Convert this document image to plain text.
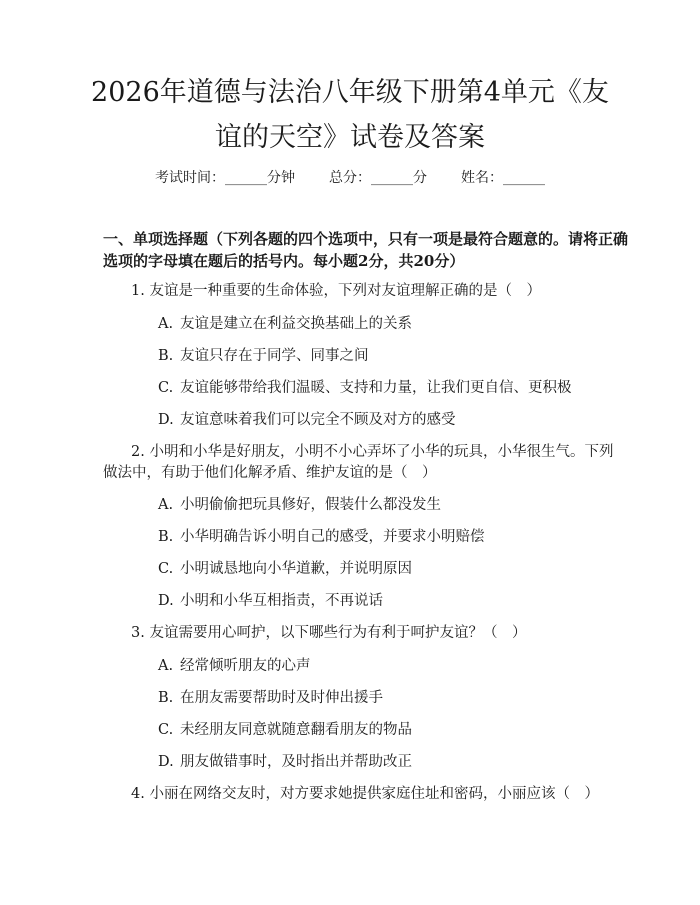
2026年道德与法治八年级下册第4单元《友
谊的天空》试卷及答案
考试时间：______分钟 总分：______分 姓名：______
一、单项选择题（下列各题的四个选项中，只有一项是最符合题意的。请将正确
选项的字母填在题后的括号内。每小题2分，共20分）
1. 友谊是一种重要的生命体验，下列对友谊理解正确的是（　）
A. 友谊是建立在利益交换基础上的关系
B. 友谊只存在于同学、同事之间
C. 友谊能够带给我们温暖、支持和力量，让我们更自信、更积极
D. 友谊意味着我们可以完全不顾及对方的感受
2. 小明和小华是好朋友，小明不小心弄坏了小华的玩具，小华很生气。下列
做法中，有助于他们化解矛盾、维护友谊的是（　）
A. 小明偷偷把玩具修好，假装什么都没发生
B. 小华明确告诉小明自己的感受，并要求小明赔偿
C. 小明诚恳地向小华道歉，并说明原因
D. 小明和小华互相指责，不再说话
3. 友谊需要用心呵护，以下哪些行为有利于呵护友谊？（　）
A. 经常倾听朋友的心声
B. 在朋友需要帮助时及时伸出援手
C. 未经朋友同意就随意翻看朋友的物品
D. 朋友做错事时，及时指出并帮助改正
4. 小丽在网络交友时，对方要求她提供家庭住址和密码，小丽应该（　）
